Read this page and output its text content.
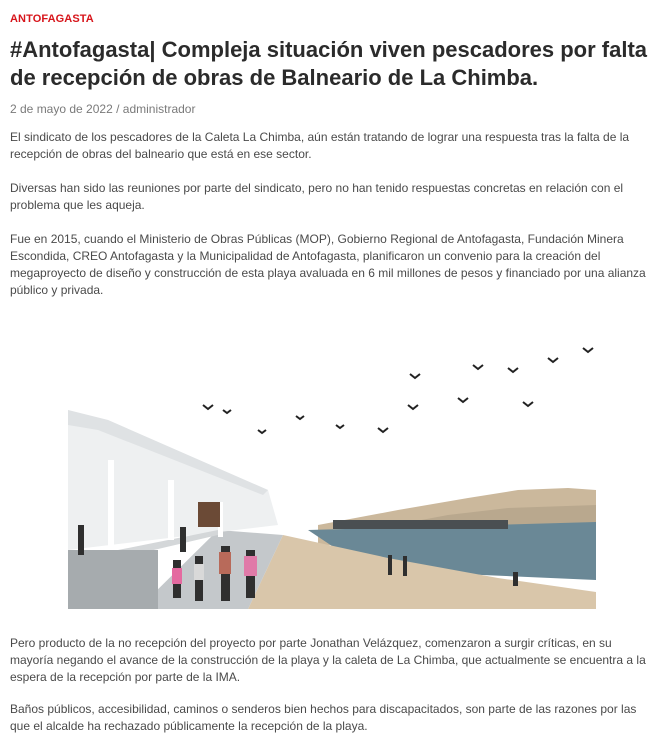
ANTOFAGASTA
#Antofagasta| Compleja situación viven pescadores por falta de recepción de obras de Balneario de La Chimba.
2 de mayo de 2022 / administrador

El sindicato de los pescadores de la Caleta La Chimba, aún están tratando de lograr una respuesta tras la falta de la recepción de obras del balneario que está en ese sector.

Diversas han sido las reuniones por parte del sindicato, pero no han tenido respuestas concretas en relación con el problema que les aqueja.

Fue en 2015, cuando el Ministerio de Obras Públicas (MOP), Gobierno Regional de Antofagasta, Fundación Minera Escondida, CREO Antofagasta y la Municipalidad de Antofagasta, planificaron un convenio para la creación del megaproyecto de diseño y construcción de esta playa avaluada en 6 mil millones de pesos y financiado por una alianza público y privada.

Pero producto de la no recepción del proyecto por parte Jonathan Velázquez, comenzaron a surgir críticas, en su mayoría negando el avance de la construcción de la playa y la caleta de La Chimba, que actualmente se encuentra a la espera de la recepción por parte de la IMA.

Baños públicos, accesibilidad, caminos o senderos bien hechos para discapacitados, son parte de las razones por las que el alcalde ha rechazado públicamente la recepción de la playa.
